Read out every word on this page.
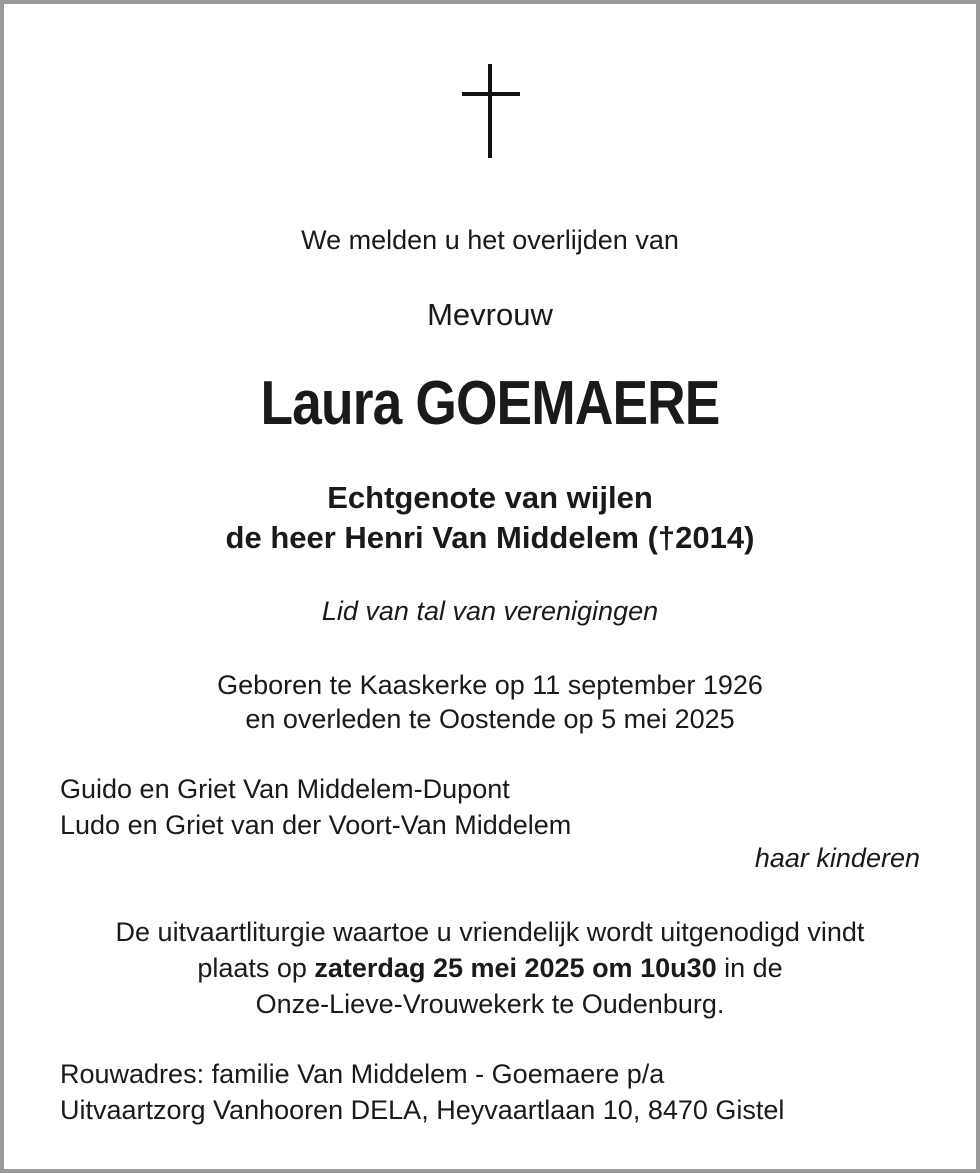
We melden u het overlijden van
Mevrouw
Laura GOEMAERE
Echtgenote van wijlen
de heer Henri Van Middelem (†2014)
Lid van tal van verenigingen
Geboren te Kaaskerke op 11 september 1926
en overleden te Oostende op 5 mei 2025
Guido en Griet Van Middelem-Dupont
Ludo en Griet van der Voort-Van Middelem
haar kinderen
De uitvaartliturgie waartoe u vriendelijk wordt uitgenodigd vindt
plaats op zaterdag 25 mei 2025 om 10u30 in de
Onze-Lieve-Vrouwekerk te Oudenburg.
Rouwadres: familie Van Middelem - Goemaere p/a
Uitvaartzorg Vanhooren DELA, Heyvaartlaan 10, 8470 Gistel
